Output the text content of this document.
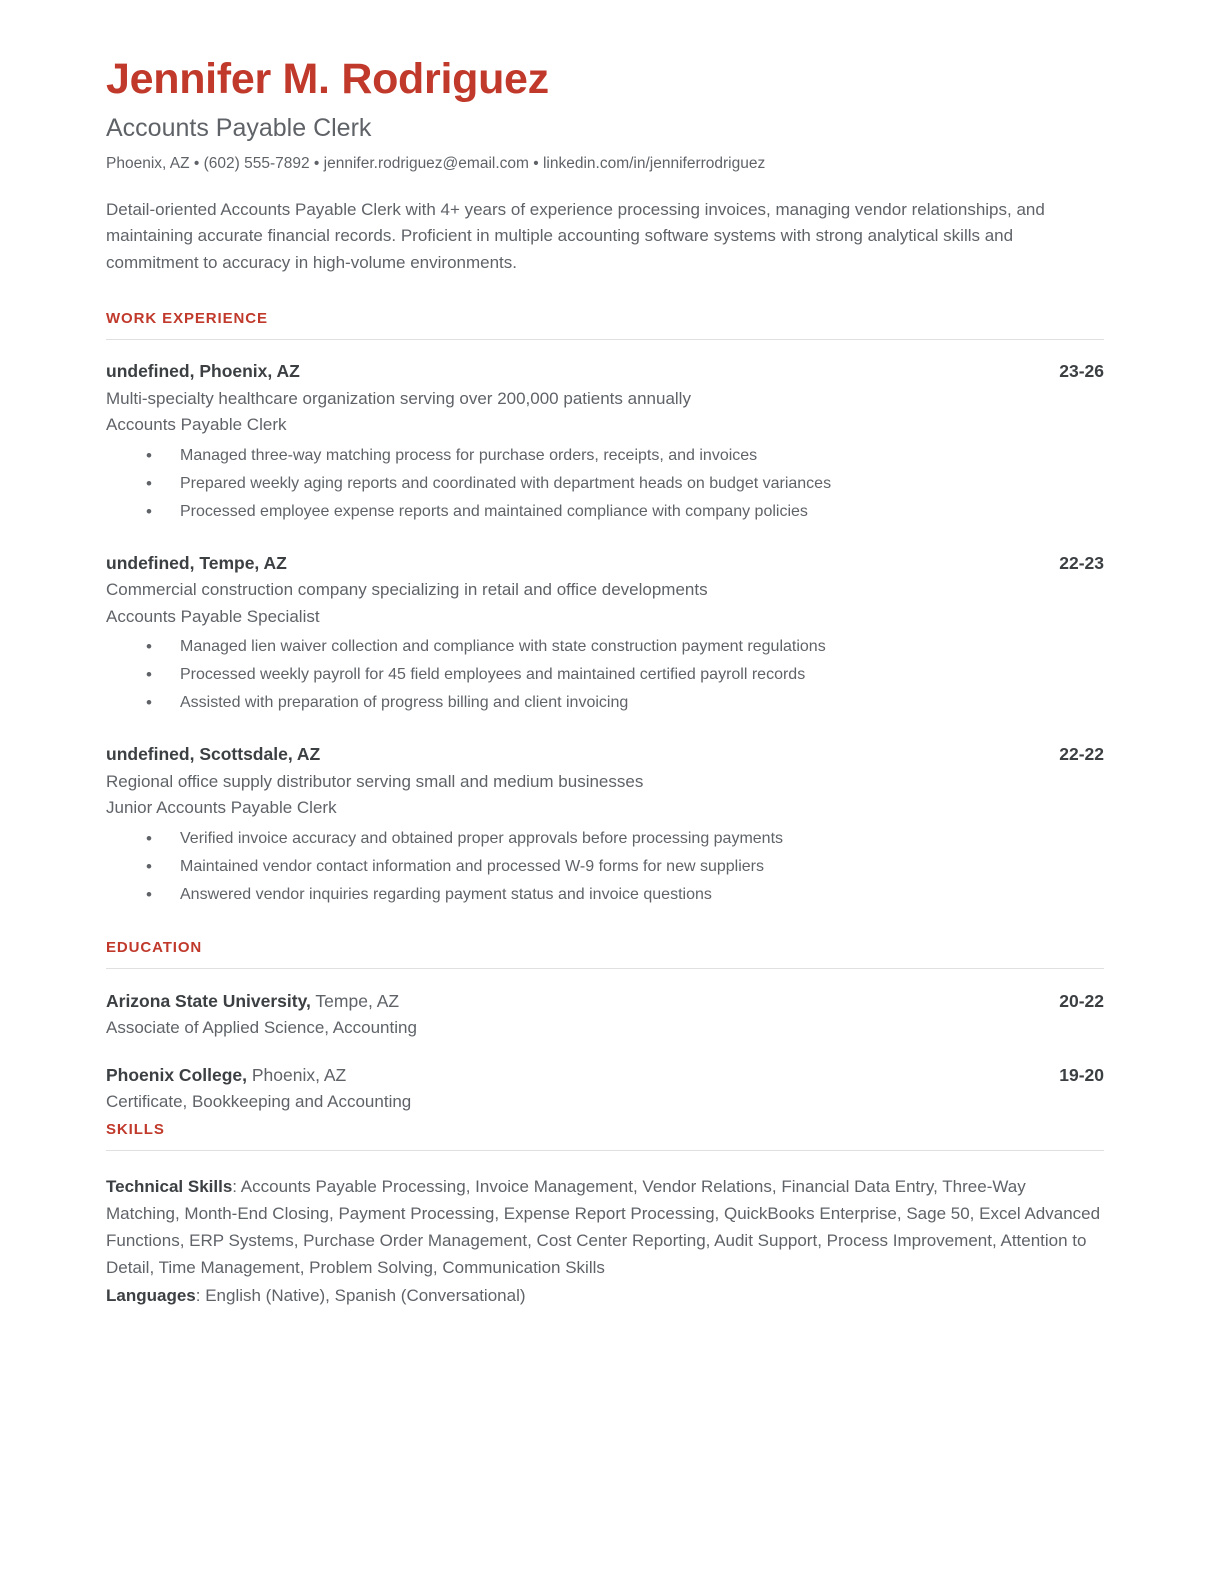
Jennifer M. Rodriguez
Accounts Payable Clerk
Phoenix, AZ • (602) 555-7892 • jennifer.rodriguez@email.com • linkedin.com/in/jenniferrodriguez

Detail-oriented Accounts Payable Clerk with 4+ years of experience processing invoices, managing vendor relationships, and maintaining accurate financial records. Proficient in multiple accounting software systems with strong analytical skills and commitment to accuracy in high-volume environments.

WORK EXPERIENCE
undefined, Phoenix, AZ	23-26
Multi-specialty healthcare organization serving over 200,000 patients annually
Accounts Payable Clerk
• Managed three-way matching process for purchase orders, receipts, and invoices
• Prepared weekly aging reports and coordinated with department heads on budget variances
• Processed employee expense reports and maintained compliance with company policies
undefined, Tempe, AZ	22-23
Commercial construction company specializing in retail and office developments
Accounts Payable Specialist
• Managed lien waiver collection and compliance with state construction payment regulations
• Processed weekly payroll for 45 field employees and maintained certified payroll records
• Assisted with preparation of progress billing and client invoicing
undefined, Scottsdale, AZ	22-22
Regional office supply distributor serving small and medium businesses
Junior Accounts Payable Clerk
• Verified invoice accuracy and obtained proper approvals before processing payments
• Maintained vendor contact information and processed W-9 forms for new suppliers
• Answered vendor inquiries regarding payment status and invoice questions
EDUCATION
Arizona State University, Tempe, AZ	20-22
Associate of Applied Science, Accounting
Phoenix College, Phoenix, AZ	19-20
Certificate, Bookkeeping and Accounting
SKILLS
Technical Skills: Accounts Payable Processing, Invoice Management, Vendor Relations, Financial Data Entry, Three-Way Matching, Month-End Closing, Payment Processing, Expense Report Processing, QuickBooks Enterprise, Sage 50, Excel Advanced Functions, ERP Systems, Purchase Order Management, Cost Center Reporting, Audit Support, Process Improvement, Attention to Detail, Time Management, Problem Solving, Communication Skills
Languages: English (Native), Spanish (Conversational)
